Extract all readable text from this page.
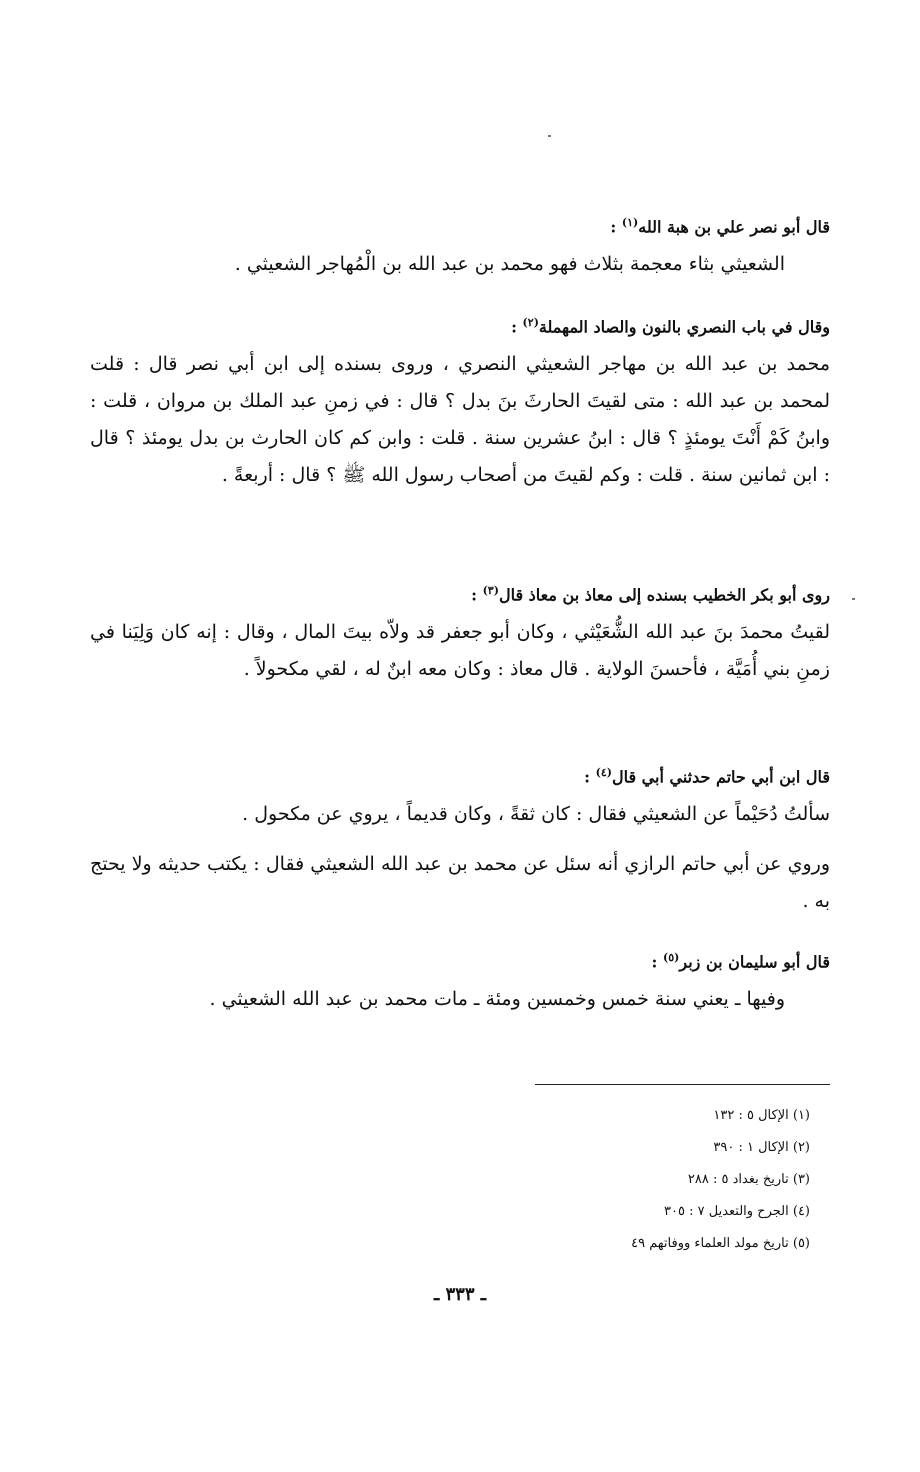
قال أبو نصر علي بن هبة الله$^{(١)}$ :
الشعيثي بثاء معجمة بثلاث فهو محمد بن عبد الله بن الْمُهاجر الشعيثي .
وقال في باب النصري بالنون والصاد المهملة$^{(٢)}$ :
محمد بن عبد الله بن مهاجر الشعيثي النصري ، وروى بسنده إلى ابن أبي نصر قال : قلت لمحمد بن عبد الله : متى لقيتَ الحارثَ بنَ بدل ؟ قال : في زمنِ عبد الملك بن مروان ، قلت : وابنُ كَمْ أَنْتَ يومئذٍ ؟ قال : ابنُ عشرين سنة . قلت : وابن كم كان الحارث بن بدل يومئذ ؟ قال : ابن ثمانين سنة . قلت : وكم لقيتَ من أصحاب رسول الله ﷺ ؟ قال : أربعةً .
روى أبو بكر الخطيب بسنده إلى معاذ بن معاذ قال$^{(٣)}$ :
لقيتُ محمدَ بنَ عبد الله الشُّعَيْثي ، وكان أبو جعفر قد ولاّه بيتَ المال ، وقال : إنه كان وَلِيَنا في زمنِ بني أُمَيَّة ، فأحسنَ الولاية . قال معاذ : وكان معه ابنٌ له ، لقي مكحولاً .
قال ابن أبي حاتم حدثني أبي قال$^{(٤)}$ :
سألتُ دُحَيْماً عن الشعيثي فقال : كان ثقةً ، وكان قديماً ، يروي عن مكحول .
وروي عن أبي حاتم الرازي أنه سئل عن محمد بن عبد الله الشعيثي فقال : يكتب حديثه ولا يحتج به .
قال أبو سليمان بن زبر$^{(٥)}$ :
وفيها ـ يعني سنة خمس وخمسين ومئة ـ مات محمد بن عبد الله الشعيثي .
(١) الإكال ٥ : ١٣٢
(٢) الإكال ١ : ٣٩٠
(٣) تاريخ بغداد ٥ : ٢٨٨
(٤) الجرح والتعديل ٧ : ٣٠٥
(٥) تاريخ مولد العلماء ووفاتهم ٤٩
ـ ٣٣٣ ـ
